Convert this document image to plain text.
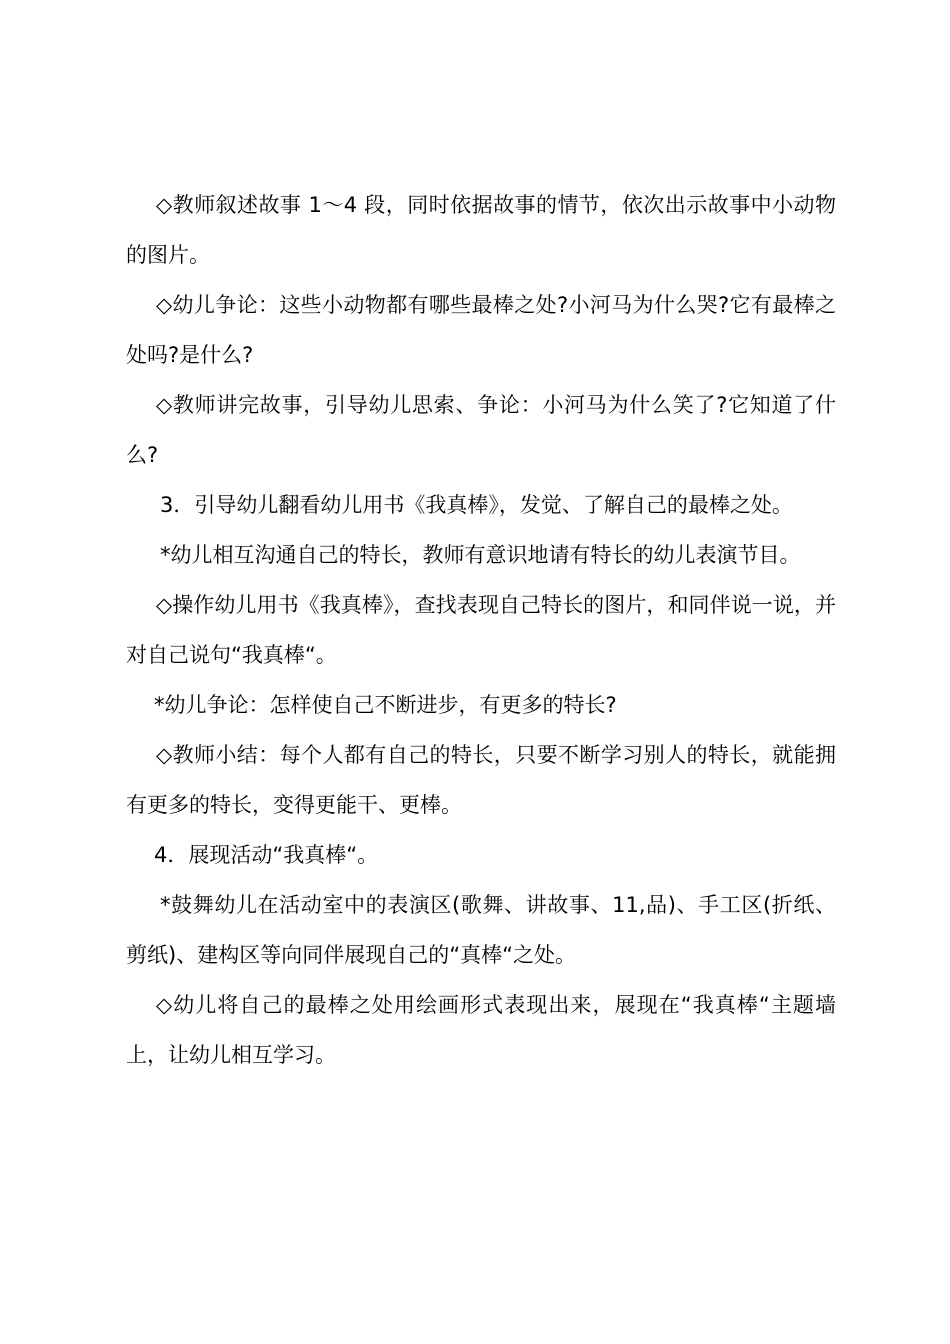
◇教师叙述故事 1～4 段，同时依据故事的情节，依次出示故事中小动物的图片。

◇幼儿争论：这些小动物都有哪些最棒之处?小河马为什么哭?它有最棒之处吗?是什么?

◇教师讲完故事，引导幼儿思索、争论：小河马为什么笑了?它知道了什么?

3．引导幼儿翻看幼儿用书《我真棒》，发觉、了解自己的最棒之处。

*幼儿相互沟通自己的特长，教师有意识地请有特长的幼儿表演节目。

◇操作幼儿用书《我真棒》，查找表现自己特长的图片，和同伴说一说，并对自己说句“我真棒“。

*幼儿争论：怎样使自己不断进步，有更多的特长?

◇教师小结：每个人都有自己的特长，只要不断学习别人的特长，就能拥有更多的特长，变得更能干、更棒。

4．展现活动“我真棒“。

*鼓舞幼儿在活动室中的表演区(歌舞、讲故事、11,品)、手工区(折纸、剪纸)、建构区等向同伴展现自己的“真棒“之处。

◇幼儿将自己的最棒之处用绘画形式表现出来，展现在“我真棒“主题墙上，让幼儿相互学习。
